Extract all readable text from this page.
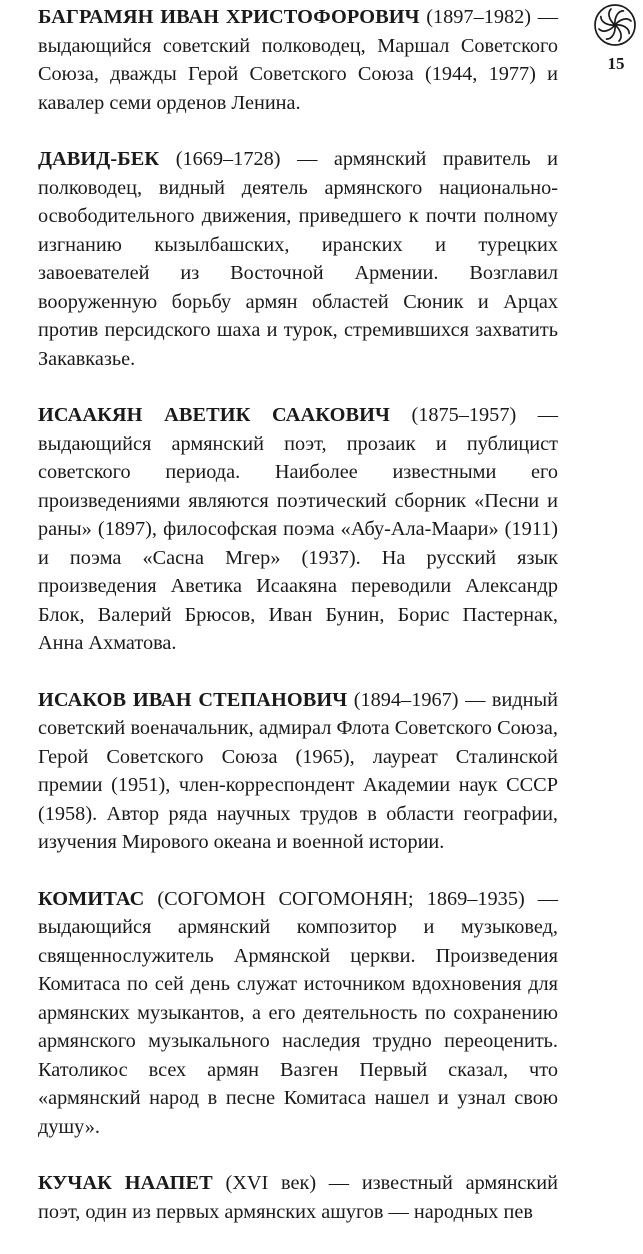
15

БАГРАМЯН ИВАН ХРИСТОФОРОВИЧ (1897–1982) — выдающийся советский полководец, Маршал Советского Союза, дважды Герой Советского Союза (1944, 1977) и кавалер семи орденов Ленина.

ДАВИД-БЕК (1669–1728) — армянский правитель и полководец, видный деятель армянского национально-освободительного движения, приведшего к почти полному изгнанию кызылбашских, иранских и турецких завоевателей из Восточной Армении. Возглавил вооруженную борьбу армян областей Сюник и Арцах против персидского шаха и турок, стремившихся захватить Закавказье.

ИСААКЯН АВЕТИК СААКОВИЧ (1875–1957) — выдающийся армянский поэт, прозаик и публицист советского периода. Наиболее известными его произведениями являются поэтический сборник «Песни и раны» (1897), философская поэма «Абу-Ала-Маари» (1911) и поэма «Сасна Мгер» (1937). На русский язык произведения Аветика Исаакяна переводили Александр Блок, Валерий Брюсов, Иван Бунин, Борис Пастернак, Анна Ахматова.

ИСАКОВ ИВАН СТЕПАНОВИЧ (1894–1967) — видный советский военачальник, адмирал Флота Советского Союза, Герой Советского Союза (1965), лауреат Сталинской премии (1951), член-корреспондент Академии наук СССР (1958). Автор ряда научных трудов в области географии, изучения Мирового океана и военной истории.

КОМИТАС (СОГОМОН СОГОМОНЯН; 1869–1935) — выдающийся армянский композитор и музыковед, священнослужитель Армянской церкви. Произведения Комитаса по сей день служат источником вдохновения для армянских музыкантов, а его деятельность по сохранению армянского музыкального наследия трудно переоценить. Католикос всех армян Вазген Первый сказал, что «армянский народ в песне Комитаса нашел и узнал свою душу».

КУЧАК НААПЕТ (XVI век) — известный армянский поэт, один из первых армянских ашугов — народных пев
